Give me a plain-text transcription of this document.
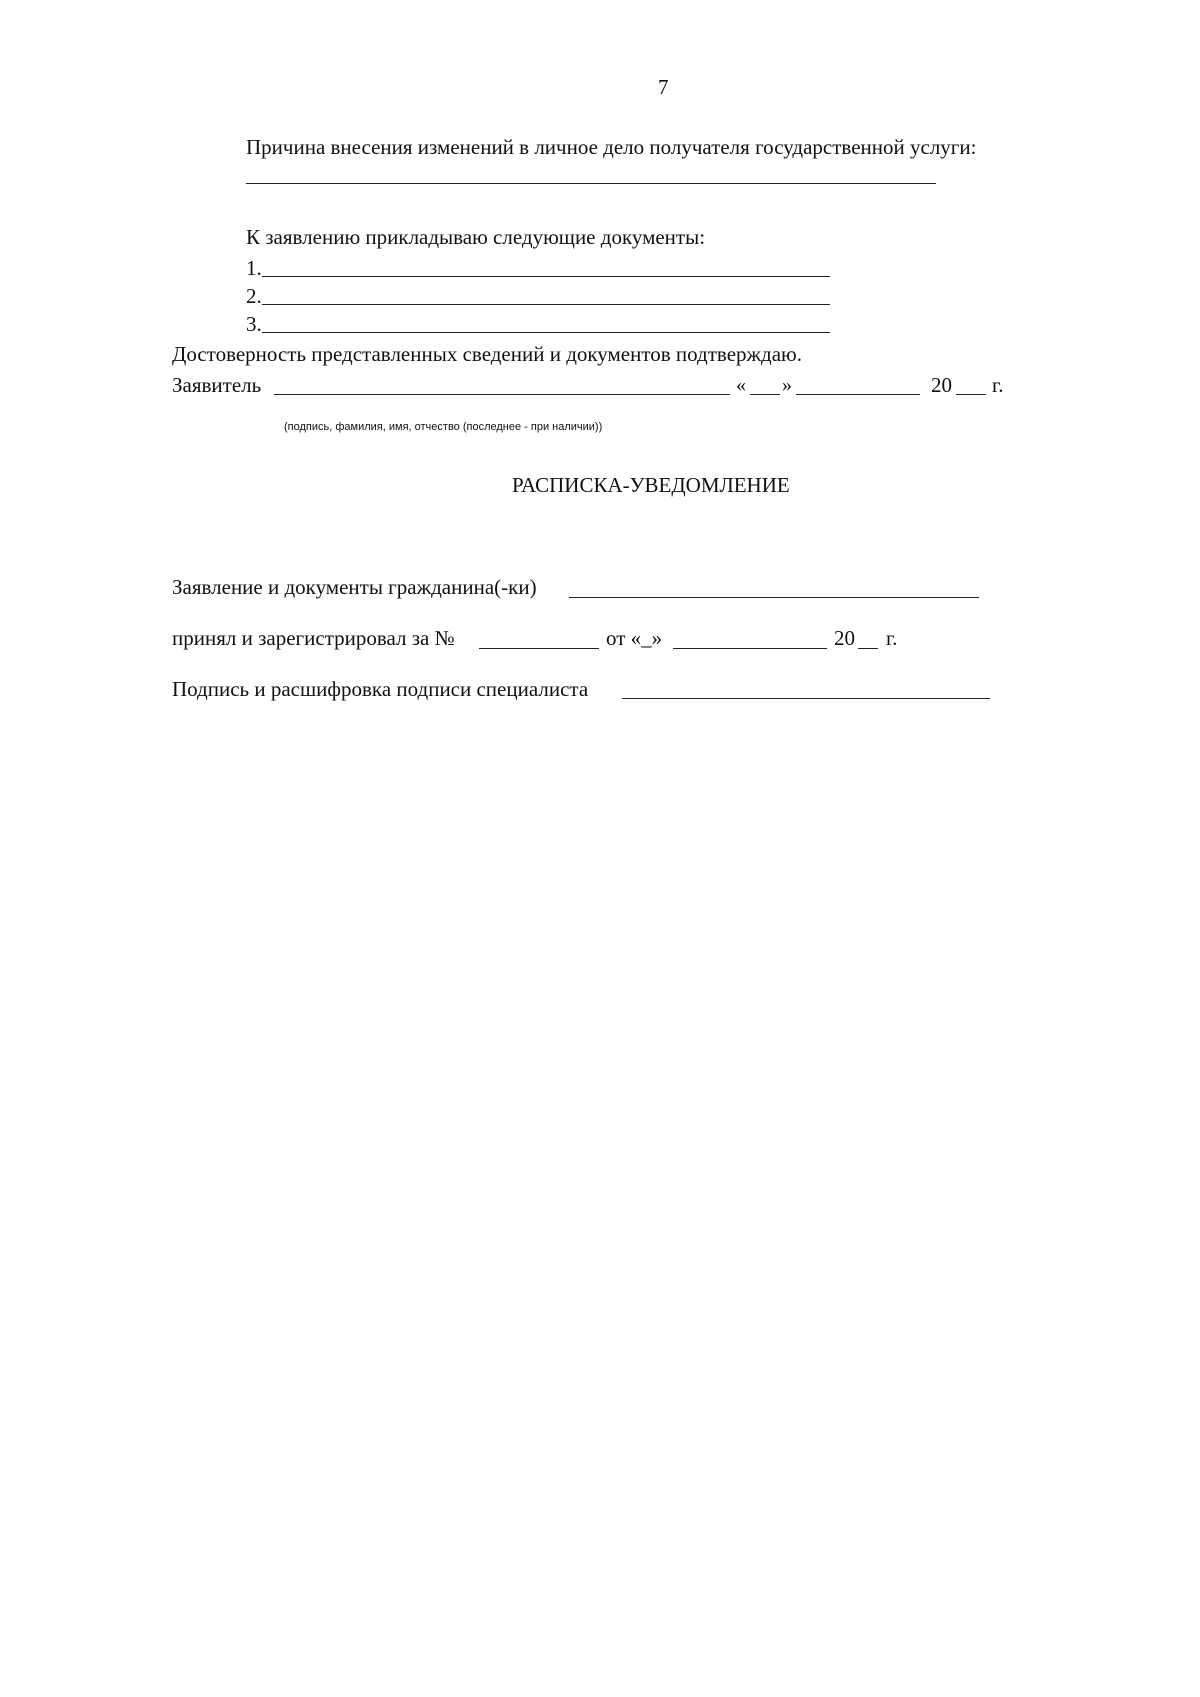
7
Причина внесения изменений в личное дело получателя государственной услуги:
К заявлению прикладываю следующие документы:
1.
2.
3.
Достоверность представленных сведений и документов подтверждаю.
Заявитель	« »	20 г.
(подпись, фамилия, имя, отчество (последнее - при наличии))
РАСПИСКА-УВЕДОМЛЕНИЕ
Заявление и документы гражданина(-ки)
принял и зарегистрировал за №	от «_»	20 г.
Подпись и расшифровка подписи специалиста
